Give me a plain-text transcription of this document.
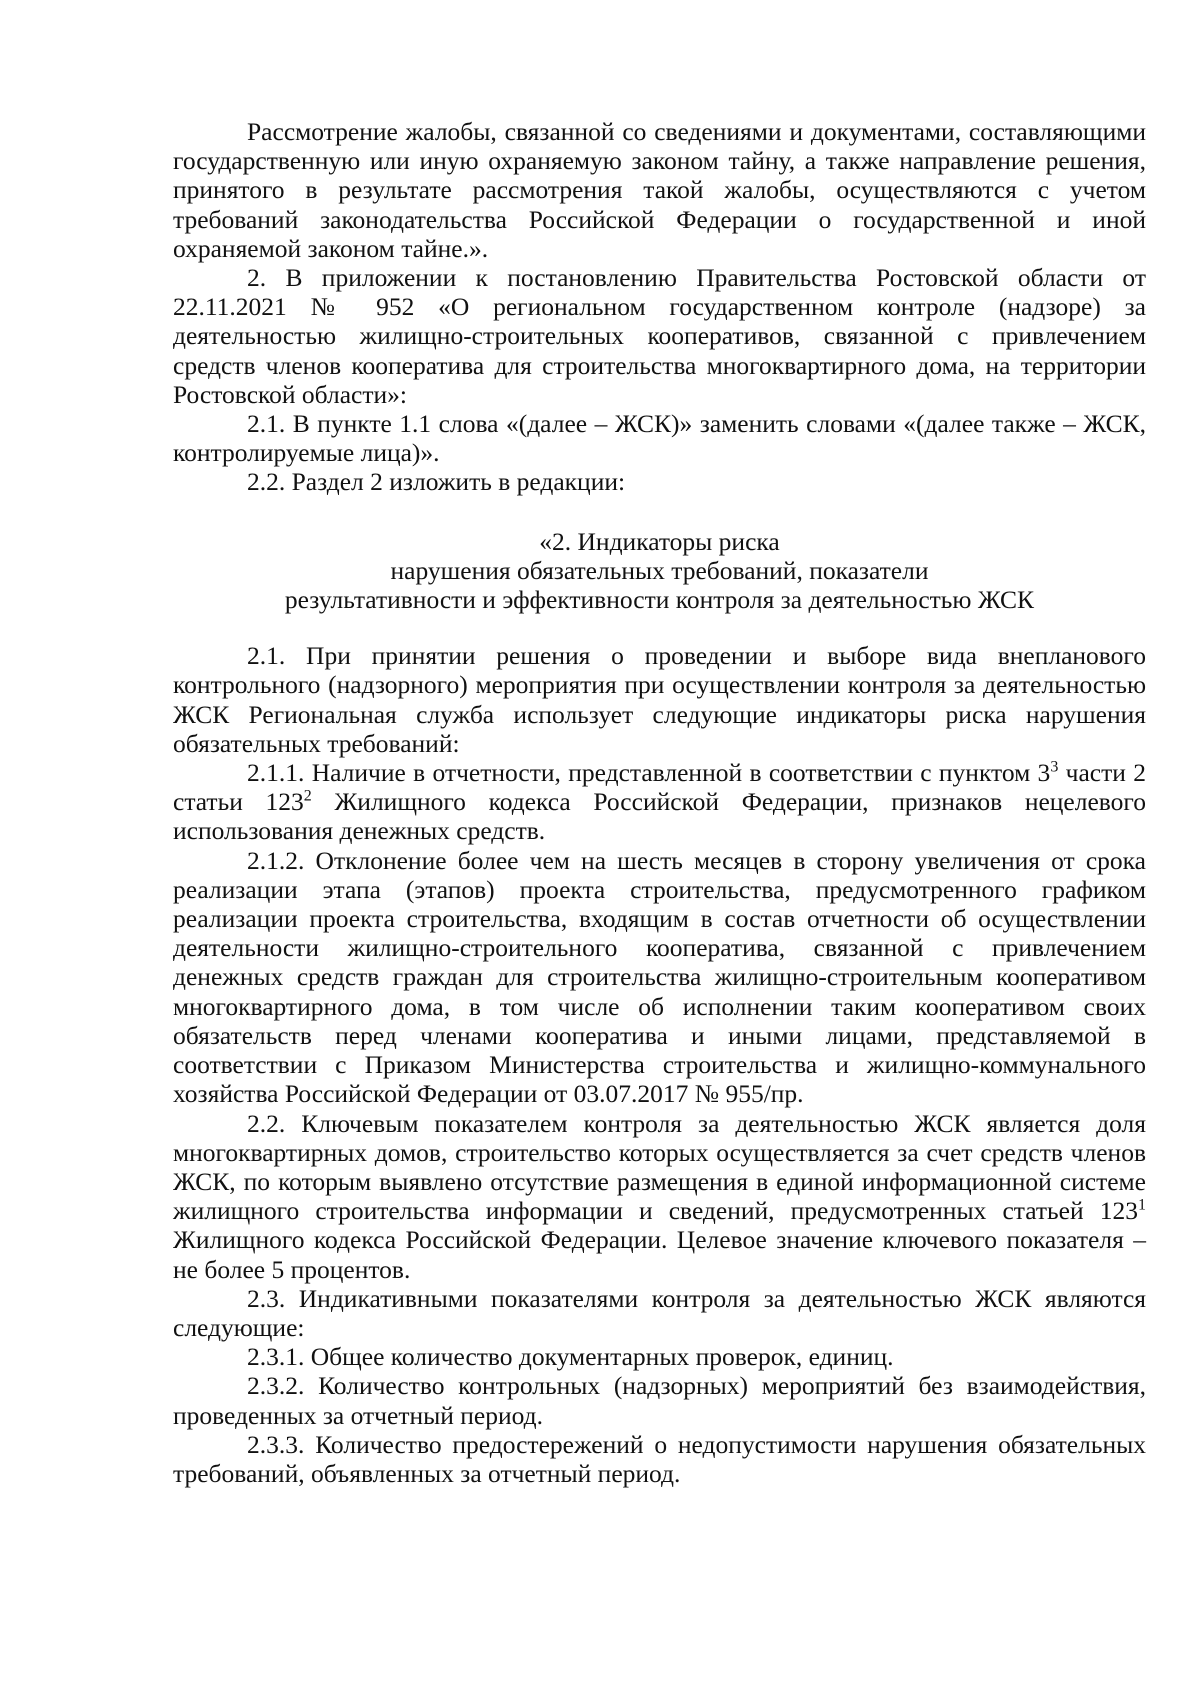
Рассмотрение жалобы, связанной со сведениями и документами, составляющими государственную или иную охраняемую законом тайну, а также направление решения, принятого в результате рассмотрения такой жалобы, осуществляются с учетом требований законодательства Российской Федерации о государственной и иной охраняемой законом тайне.».

2. В приложении к постановлению Правительства Ростовской области от 22.11.2021 № 952 «О региональном государственном контроле (надзоре) за деятельностью жилищно-строительных кооперативов, связанной с привлечением средств членов кооператива для строительства многоквартирного дома, на территории Ростовской области»:

2.1. В пункте 1.1 слова «(далее – ЖСК)» заменить словами «(далее также – ЖСК, контролируемые лица)».

2.2. Раздел 2 изложить в редакции:

«2. Индикаторы риска
нарушения обязательных требований, показатели
результативности и эффективности контроля за деятельностью ЖСК

2.1. При принятии решения о проведении и выборе вида внепланового контрольного (надзорного) мероприятия при осуществлении контроля за деятельностью ЖСК Региональная служба использует следующие индикаторы риска нарушения обязательных требований:

2.1.1. Наличие в отчетности, представленной в соответствии с пунктом $3^3$ части 2 статьи $123^2$ Жилищного кодекса Российской Федерации, признаков нецелевого использования денежных средств.

2.1.2. Отклонение более чем на шесть месяцев в сторону увеличения от срока реализации этапа (этапов) проекта строительства, предусмотренного графиком реализации проекта строительства, входящим в состав отчетности об осуществлении деятельности жилищно-строительного кооператива, связанной с привлечением денежных средств граждан для строительства жилищно-строительным кооперативом многоквартирного дома, в том числе об исполнении таким кооперативом своих обязательств перед членами кооператива и иными лицами, представляемой в соответствии с Приказом Министерства строительства и жилищно-коммунального хозяйства Российской Федерации от 03.07.2017 № 955/пр.

2.2. Ключевым показателем контроля за деятельностью ЖСК является доля многоквартирных домов, строительство которых осуществляется за счет средств членов ЖСК, по которым выявлено отсутствие размещения в единой информационной системе жилищного строительства информации и сведений, предусмотренных статьей $123^1$ Жилищного кодекса Российской Федерации. Целевое значение ключевого показателя – не более 5 процентов.

2.3. Индикативными показателями контроля за деятельностью ЖСК являются следующие:

2.3.1. Общее количество документарных проверок, единиц.

2.3.2. Количество контрольных (надзорных) мероприятий без взаимодействия, проведенных за отчетный период.

2.3.3. Количество предостережений о недопустимости нарушения обязательных требований, объявленных за отчетный период.
